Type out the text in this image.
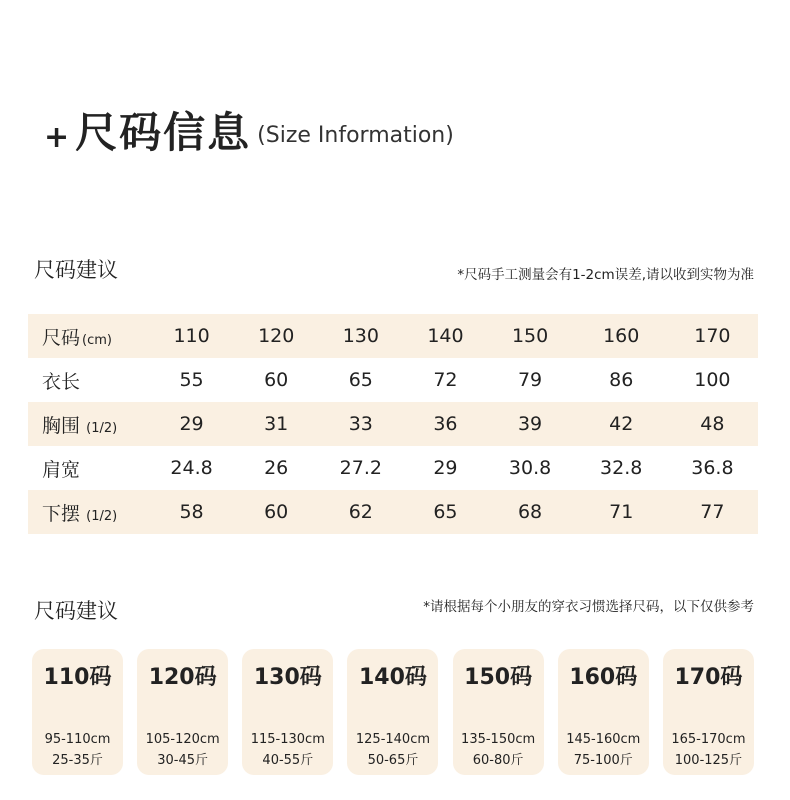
+ 尺码信息 (Size Information)
尺码建议	*尺码手工测量会有1-2cm误差,请以收到实物为准
尺码 (cm)	110	120	130	140	150	160	170
衣长	55	60	65	72	79	86	100
胸围 (1/2)	29	31	33	36	39	42	48
肩宽	24.8	26	27.2	29	30.8	32.8	36.8
下摆 (1/2)	58	60	62	65	68	71	77
尺码建议	*请根据每个小朋友的穿衣习惯选择尺码，以下仅供参考
110码
95-110cm
25-35斤
120码
105-120cm
30-45斤
130码
115-130cm
40-55斤
140码
125-140cm
50-65斤
150码
135-150cm
60-80斤
160码
145-160cm
75-100斤
170码
165-170cm
100-125斤
